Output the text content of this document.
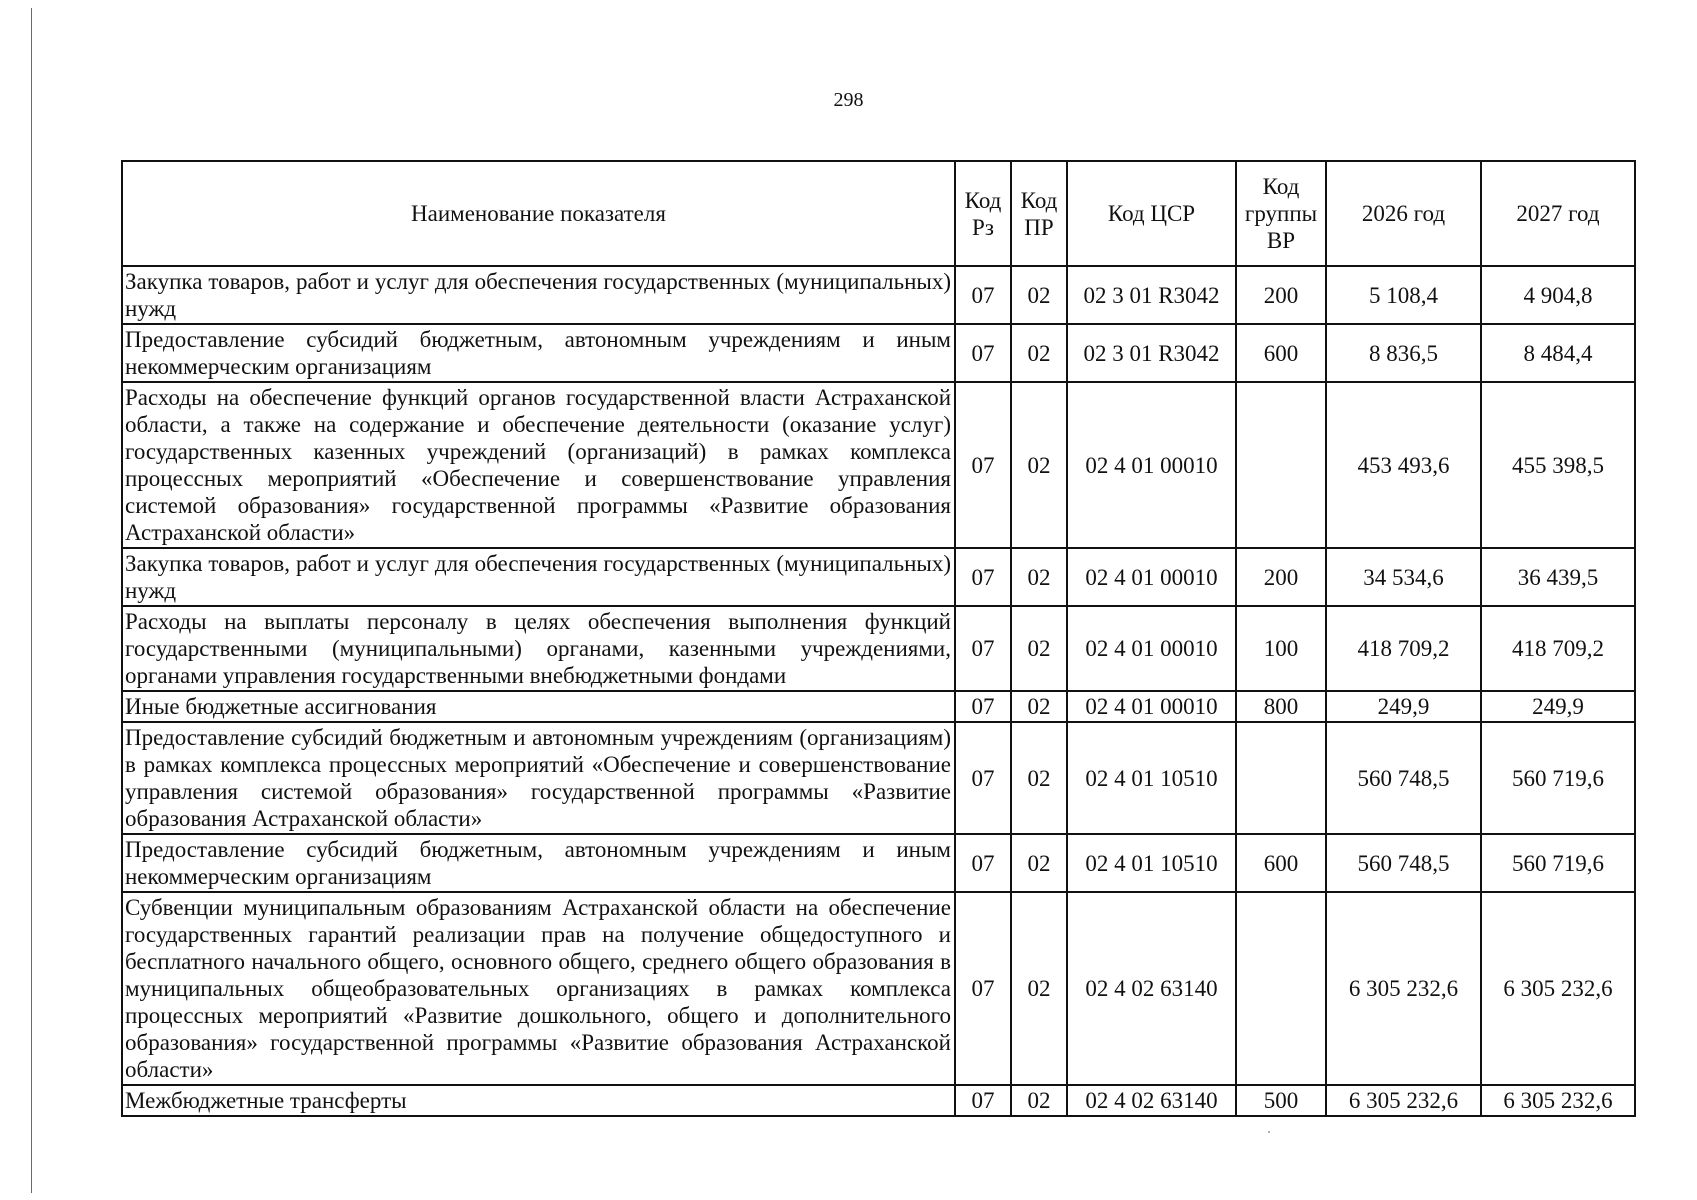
298
Наименование показателя	Код Рз	Код ПР	Код ЦСР	Код группы ВР	2026 год	2027 год
Закупка товаров, работ и услуг для обеспечения государственных (муниципальных) нужд	07	02	02 3 01 R3042	200	5 108,4	4 904,8
Предоставление субсидий бюджетным, автономным учреждениям и иным некоммерческим организациям	07	02	02 3 01 R3042	600	8 836,5	8 484,4
Расходы на обеспечение функций органов государственной власти Астраханской области, а также на содержание и обеспечение деятельности (оказание услуг) государственных казенных учреждений (организаций) в рамках комплекса процессных мероприятий «Обеспечение и совершенствование управления системой образования» государственной программы «Развитие образования Астраханской области»	07	02	02 4 01 00010		453 493,6	455 398,5
Закупка товаров, работ и услуг для обеспечения государственных (муниципальных) нужд	07	02	02 4 01 00010	200	34 534,6	36 439,5
Расходы на выплаты персоналу в целях обеспечения выполнения функций государственными (муниципальными) органами, казенными учреждениями, органами управления государственными внебюджетными фондами	07	02	02 4 01 00010	100	418 709,2	418 709,2
Иные бюджетные ассигнования	07	02	02 4 01 00010	800	249,9	249,9
Предоставление субсидий бюджетным и автономным учреждениям (организациям) в рамках комплекса процессных мероприятий «Обеспечение и совершенствование управления системой образования» государственной программы «Развитие образования Астраханской области»	07	02	02 4 01 10510		560 748,5	560 719,6
Предоставление субсидий бюджетным, автономным учреждениям и иным некоммерческим организациям	07	02	02 4 01 10510	600	560 748,5	560 719,6
Субвенции муниципальным образованиям Астраханской области на обеспечение государственных гарантий реализации прав на получение общедоступного и бесплатного начального общего, основного общего, среднего общего образования в муниципальных общеобразовательных организациях в рамках комплекса процессных мероприятий «Развитие дошкольного, общего и дополнительного образования» государственной программы «Развитие образования Астраханской области»	07	02	02 4 02 63140		6 305 232,6	6 305 232,6
Межбюджетные трансферты	07	02	02 4 02 63140	500	6 305 232,6	6 305 232,6
